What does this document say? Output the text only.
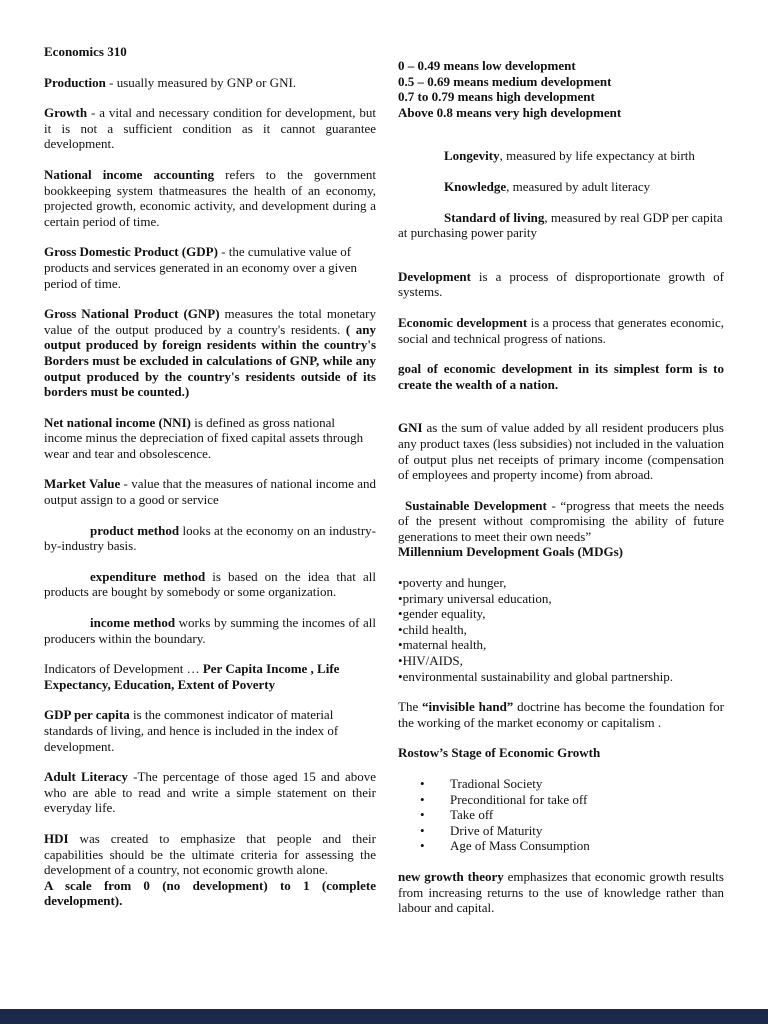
Economics 310
Production - usually measured by GNP or GNI.
Growth - a vital and necessary condition for development, but it is not a sufficient condition as it cannot guarantee development.
National income accounting refers to the government bookkeeping system thatmeasures the health of an economy, projected growth, economic activity, and development during a certain period of time.
Gross Domestic Product (GDP) - the cumulative value of products and services generated in an economy over a given period of time.
Gross National Product (GNP) measures the total monetary value of the output produced by a country's residents. ( any output produced by foreign residents within the country's Borders must be excluded in calculations of GNP, while any output produced by the country's residents outside of its borders must be counted.)
Net national income (NNI) is defined as gross national income minus the depreciation of fixed capital assets through wear and tear and obsolescence.
Market Value - value that the measures of national income and output assign to a good or service
product method looks at the economy on an industry-by-industry basis.
expenditure method is based on the idea that all products are bought by somebody or some organization.
income method works by summing the incomes of all producers within the boundary.
Indicators of Development … Per Capita Income , Life Expectancy, Education, Extent of Poverty
GDP per capita is the commonest indicator of material standards of living, and hence is included in the index of development.
Adult Literacy -The percentage of those aged 15 and above who are able to read and write a simple statement on their everyday life.
HDI was created to emphasize that people and their capabilities should be the ultimate criteria for assessing the development of a country, not economic growth alone.
A scale from 0 (no development) to 1 (complete development).
0 – 0.49 means low development
0.5 – 0.69 means medium development
0.7 to 0.79 means high development
Above 0.8 means very high development
Longevity, measured by life expectancy at birth
Knowledge, measured by adult literacy
Standard of living, measured by real GDP per capita at purchasing power parity
Development is a process of disproportionate growth of systems.
Economic development is a process that generates economic, social and technical progress of nations.
goal of economic development in its simplest form is to create the wealth of a nation.
GNI as the sum of value added by all resident producers plus any product taxes (less subsidies) not included in the valuation of output plus net receipts of primary income (compensation of employees and property income) from abroad.
Sustainable Development - “progress that meets the needs of the present without compromising the ability of future generations to meet their own needs”
Millennium Development Goals (MDGs)
• poverty and hunger,
• primary universal education,
• gender equality,
• child health,
• maternal health,
• HIV/AIDS,
• environmental sustainability and global partnership.
The “invisible hand” doctrine has become the foundation for the working of the market economy or capitalism .
Rostow’s Stage of Economic Growth
• Tradional Society
• Preconditional for take off
• Take off
• Drive of Maturity
• Age of Mass Consumption
new growth theory emphasizes that economic growth results from increasing returns to the use of knowledge rather than labour and capital.
